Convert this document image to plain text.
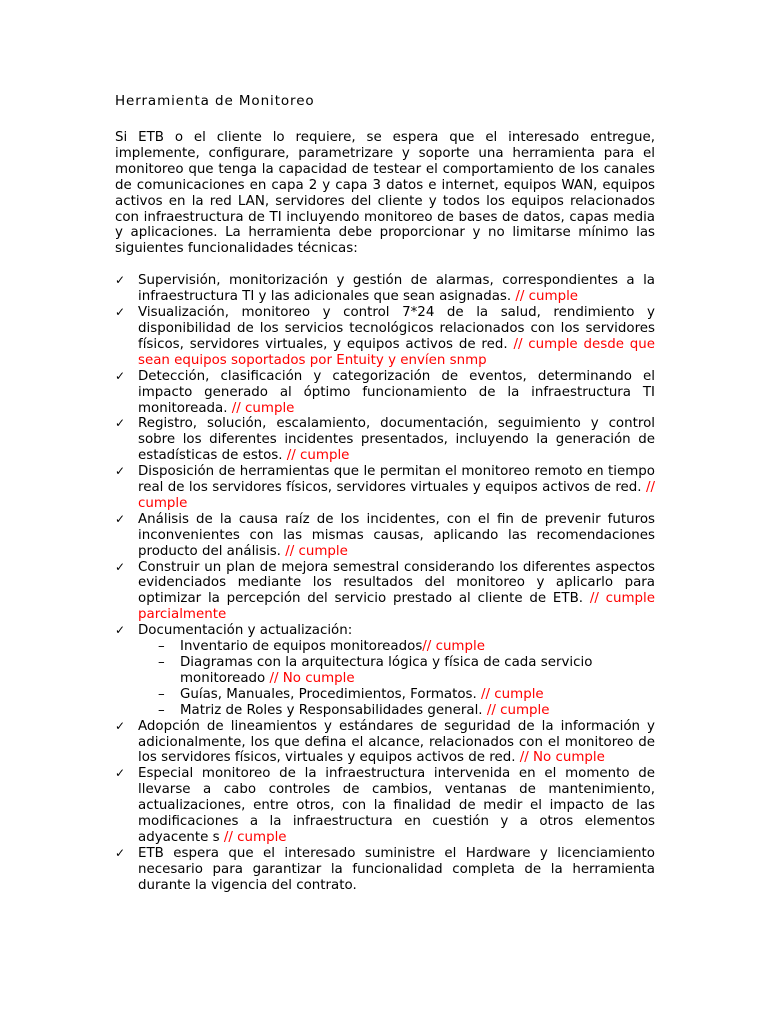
Herramienta de Monitoreo

Si ETB o el cliente lo requiere, se espera que el interesado entregue, implemente, configurare, parametrizare y soporte una herramienta para el monitoreo que tenga la capacidad de testear el comportamiento de los canales de comunicaciones en capa 2 y capa 3 datos e internet, equipos WAN, equipos activos en la red LAN, servidores del cliente y todos los equipos relacionados con infraestructura de TI incluyendo monitoreo de bases de datos, capas media y aplicaciones. La herramienta debe proporcionar y no limitarse mínimo las siguientes funcionalidades técnicas:

✓ Supervisión, monitorización y gestión de alarmas, correspondientes a la infraestructura TI y las adicionales que sean asignadas. // cumple
✓ Visualización, monitoreo y control 7*24 de la salud, rendimiento y disponibilidad de los servicios tecnológicos relacionados con los servidores físicos, servidores virtuales, y equipos activos de red. // cumple desde que sean equipos soportados por Entuity y envíen snmp
✓ Detección, clasificación y categorización de eventos, determinando el impacto generado al óptimo funcionamiento de la infraestructura TI monitoreada. // cumple
✓ Registro, solución, escalamiento, documentación, seguimiento y control sobre los diferentes incidentes presentados, incluyendo la generación de estadísticas de estos. // cumple
✓ Disposición de herramientas que le permitan el monitoreo remoto en tiempo real de los servidores físicos, servidores virtuales y equipos activos de red. // cumple
✓ Análisis de la causa raíz de los incidentes, con el fin de prevenir futuros inconvenientes con las mismas causas, aplicando las recomendaciones producto del análisis. // cumple
✓ Construir un plan de mejora semestral considerando los diferentes aspectos evidenciados mediante los resultados del monitoreo y aplicarlo para optimizar la percepción del servicio prestado al cliente de ETB. // cumple parcialmente
✓ Documentación y actualización:
– Inventario de equipos monitoreados// cumple
– Diagramas con la arquitectura lógica y física de cada servicio monitoreado // No cumple
– Guías, Manuales, Procedimientos, Formatos. // cumple
– Matriz de Roles y Responsabilidades general. // cumple
✓ Adopción de lineamientos y estándares de seguridad de la información y adicionalmente, los que defina el alcance, relacionados con el monitoreo de los servidores físicos, virtuales y equipos activos de red. // No cumple
✓ Especial monitoreo de la infraestructura intervenida en el momento de llevarse a cabo controles de cambios, ventanas de mantenimiento, actualizaciones, entre otros, con la finalidad de medir el impacto de las modificaciones a la infraestructura en cuestión y a otros elementos adyacente s // cumple
✓ ETB espera que el interesado suministre el Hardware y licenciamiento necesario para garantizar la funcionalidad completa de la herramienta durante la vigencia del contrato.
